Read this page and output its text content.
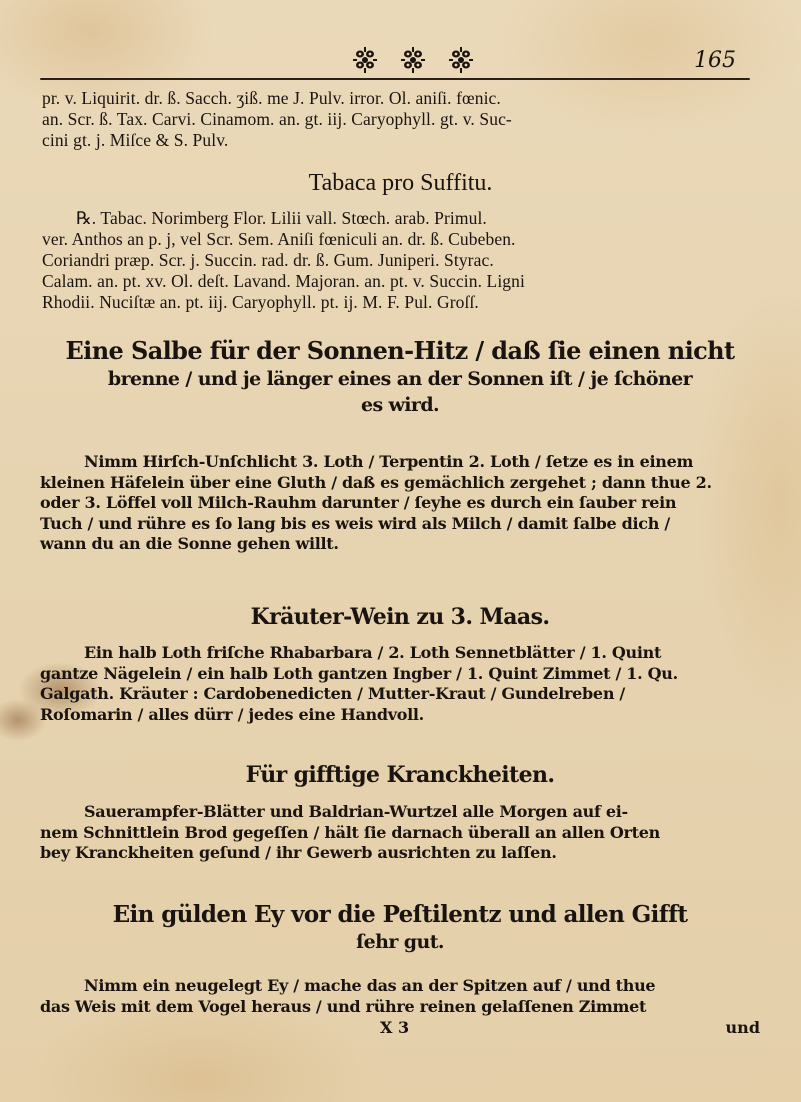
165

pr. v. Liquirit. dr. ß. Sacch. ʒiß. me J. Pulv. irror. Ol. aniſi. fœnic.

an. Scr. ß. Tax. Carvi. Cinamom. an. gt. iij. Caryophyll. gt. v. Suc-

cini gt. j. Miſce & S. Pulv.

Tabaca pro Suffitu.

℞. Tabac. Norimberg Flor. Lilii vall. Stœch. arab. Primul.

ver. Anthos an p. j, vel Scr. Sem. Aniſi fœniculi an. dr. ß. Cubeben.

Coriandri præp. Scr. j. Succin. rad. dr. ß. Gum. Juniperi. Styrac.

Calam. an. pt. xv. Ol. deſt. Lavand. Majoran. an. pt. v. Succin. Ligni

Rhodii. Nuciſtæ an. pt. iij. Caryophyll. pt. ij. M. F. Pul. Groſſ.

Eine Salbe für der Sonnen-Hitz / daß ſie einen nicht
brenne / und je länger eines an der Sonnen iſt / je ſchöner
es wird.

Nimm Hirſch-Unſchlicht 3. Loth / Terpentin 2. Loth / ſetze es in einem

kleinen Häfelein über eine Gluth / daß es gemächlich zergehet ; dann thue 2.

oder 3. Löffel voll Milch-Rauhm darunter / ſeyhe es durch ein ſauber rein

Tuch / und rühre es ſo lang bis es weis wird als Milch / damit ſalbe dich /

wann du an die Sonne gehen willt.

Kräuter-Wein zu 3. Maas.

Ein halb Loth friſche Rhabarbara / 2. Loth Sennetblätter / 1. Quint

gantze Nägelein / ein halb Loth gantzen Ingber / 1. Quint Zimmet / 1. Qu.

Galgath. Kräuter : Cardobenedicten / Mutter-Kraut / Gundelreben /

Roſomarin / alles dürr / jedes eine Handvoll.

Für gifftige Kranckheiten.

Sauerampfer-Blätter und Baldrian-Wurtzel alle Morgen auf ei-

nem Schnittlein Brod gegeſſen / hält ſie darnach überall an allen Orten

bey Kranckheiten geſund / ihr Gewerb ausrichten zu laſſen.

Ein gülden Ey vor die Peſtilentz und allen Gifft
ſehr gut.

Nimm ein neugelegt Ey / mache das an der Spitzen auf / und thue

das Weis mit dem Vogel heraus / und rühre reinen gelaſſenen Zimmet

X 3	und
